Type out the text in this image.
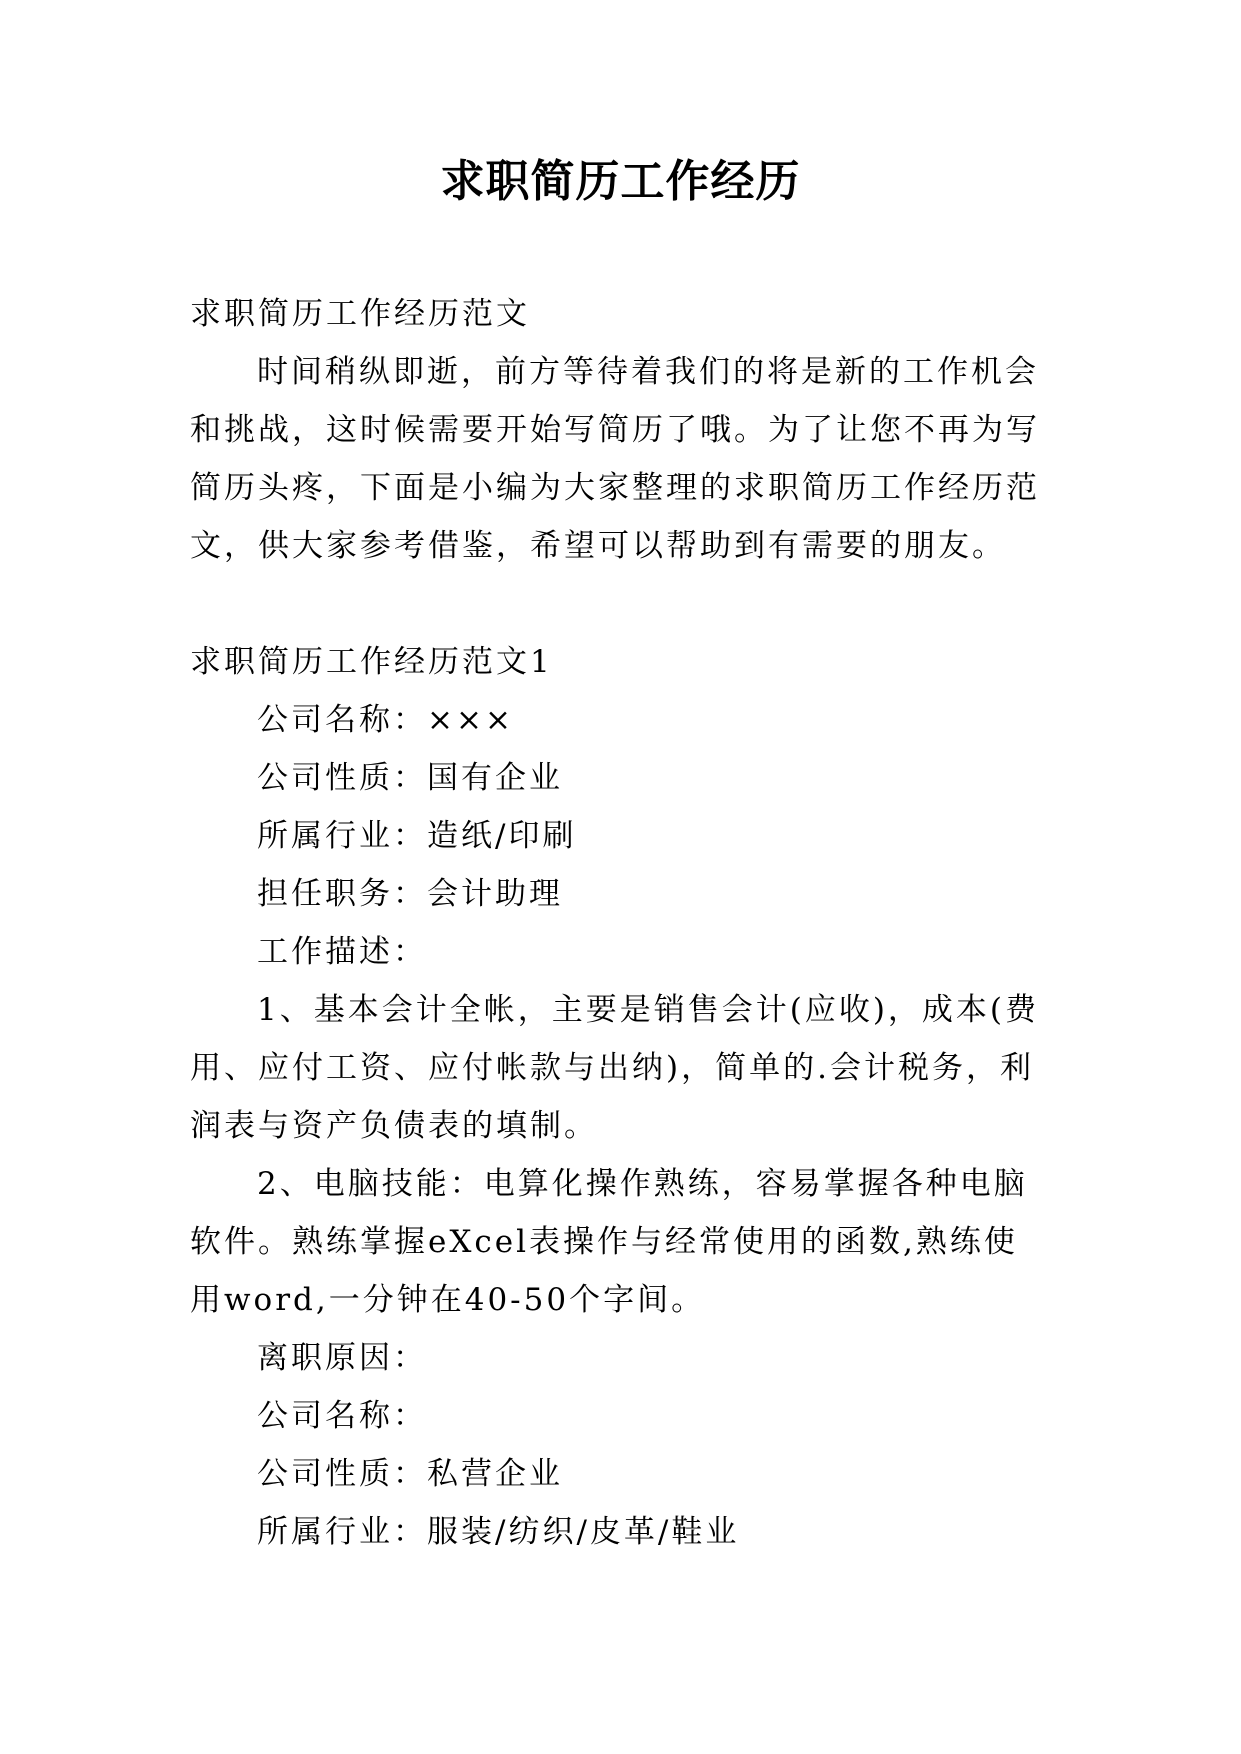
求职简历工作经历

求职简历工作经历范文

时间稍纵即逝，前方等待着我们的将是新的工作机会和挑战，这时候需要开始写简历了哦。为了让您不再为写简历头疼，下面是小编为大家整理的求职简历工作经历范文，供大家参考借鉴，希望可以帮助到有需要的朋友。

求职简历工作经历范文1

公司名称：×××

公司性质：国有企业

所属行业：造纸/印刷

担任职务：会计助理

工作描述：

1、基本会计全帐，主要是销售会计(应收)，成本(费用、应付工资、应付帐款与出纳)，简单的.会计税务，利润表与资产负债表的填制。

2、电脑技能：电算化操作熟练，容易掌握各种电脑软件。熟练掌握eXcel表操作与经常使用的函数,熟练使用word,一分钟在40-50个字间。

离职原因：

公司名称：

公司性质：私营企业

所属行业：服装/纺织/皮革/鞋业
